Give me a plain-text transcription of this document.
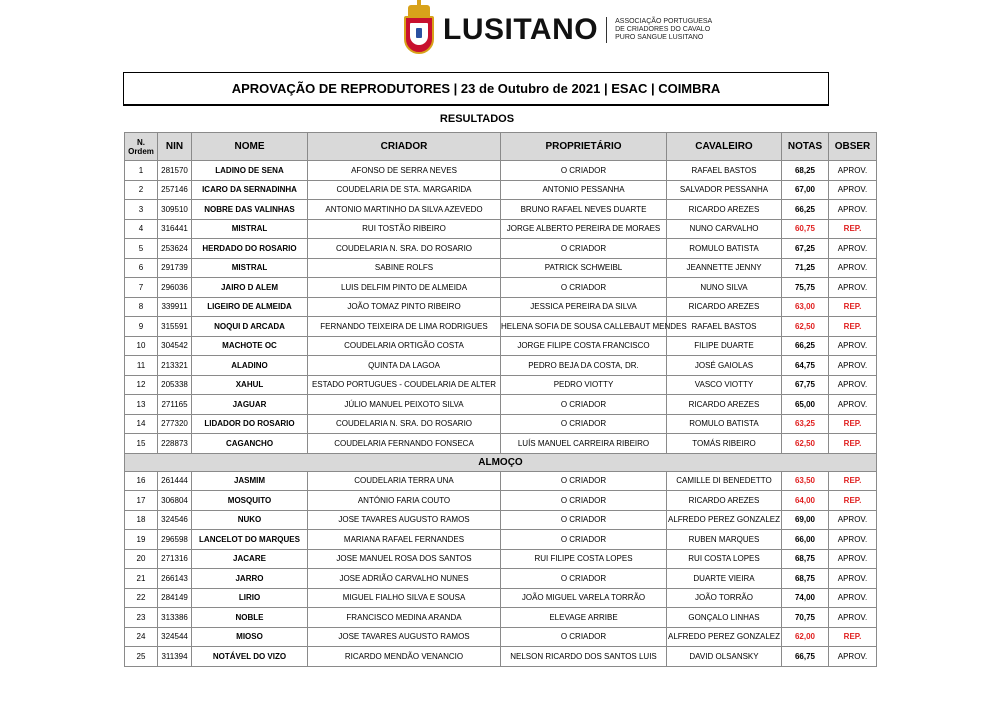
LUSITANO ASSOCIAÇÃO PORTUGUESA
DE CRIADORES DO CAVALO
PURO SANGUE LUSITANO
APROVAÇÃO DE REPRODUTORES | 23 de Outubro de 2021 | ESAC | COIMBRA
RESULTADOS
N.
Ordem	NIN	NOME	CRIADOR	PROPRIETÁRIO	CAVALEIRO	NOTAS	OBSER
1	281570	LADINO DE SENA	AFONSO DE SERRA NEVES	O CRIADOR	RAFAEL BASTOS	68,25	APROV.
2	257146	ICARO DA SERNADINHA	COUDELARIA DE STA. MARGARIDA	ANTONIO PESSANHA	SALVADOR PESSANHA	67,00	APROV.
3	309510	NOBRE DAS VALINHAS	ANTONIO MARTINHO DA SILVA AZEVEDO	BRUNO RAFAEL NEVES DUARTE	RICARDO AREZES	66,25	APROV.
4	316441	MISTRAL	RUI TOSTÃO RIBEIRO	JORGE ALBERTO PEREIRA DE MORAES	NUNO CARVALHO	60,75	REP.
5	253624	HERDADO DO ROSARIO	COUDELARIA N. SRA. DO ROSARIO	O CRIADOR	ROMULO BATISTA	67,25	APROV.
6	291739	MISTRAL	SABINE ROLFS	PATRICK SCHWEIBL	JEANNETTE JENNY	71,25	APROV.
7	296036	JAIRO D ALEM	LUIS DELFIM PINTO DE ALMEIDA	O CRIADOR	NUNO SILVA	75,75	APROV.
8	339911	LIGEIRO DE ALMEIDA	JOÃO TOMAZ PINTO RIBEIRO	JESSICA PEREIRA DA SILVA	RICARDO AREZES	63,00	REP.
9	315591	NOQUI D ARCADA	FERNANDO TEIXEIRA DE LIMA RODRIGUES	HELENA SOFIA DE SOUSA CALLEBAUT MENDES	RAFAEL BASTOS	62,50	REP.
10	304542	MACHOTE OC	COUDELARIA ORTIGÃO COSTA	JORGE FILIPE COSTA FRANCISCO	FILIPE DUARTE	66,25	APROV.
11	213321	ALADINO	QUINTA DA LAGOA	PEDRO BEJA DA COSTA, DR.	JOSÉ GAIOLAS	64,75	APROV.
12	205338	XAHUL	ESTADO PORTUGUES - COUDELARIA DE ALTER	PEDRO VIOTTY	VASCO VIOTTY	67,75	APROV.
13	271165	JAGUAR	JÚLIO MANUEL PEIXOTO SILVA	O CRIADOR	RICARDO AREZES	65,00	APROV.
14	277320	LIDADOR DO ROSARIO	COUDELARIA N. SRA. DO ROSARIO	O CRIADOR	ROMULO BATISTA	63,25	REP.
15	228873	CAGANCHO	COUDELARIA FERNANDO FONSECA	LUÍS MANUEL CARREIRA RIBEIRO	TOMÁS RIBEIRO	62,50	REP.
ALMOÇO							
16	261444	JASMIM	COUDELARIA TERRA UNA	O CRIADOR	CAMILLE DI BENEDETTO	63,50	REP.
17	306804	MOSQUITO	ANTÓNIO FARIA COUTO	O CRIADOR	RICARDO AREZES	64,00	REP.
18	324546	NUKO	JOSE TAVARES AUGUSTO RAMOS	O CRIADOR	ALFREDO PEREZ GONZALEZ	69,00	APROV.
19	296598	LANCELOT DO MARQUES	MARIANA RAFAEL FERNANDES	O CRIADOR	RUBEN MARQUES	66,00	APROV.
20	271316	JACARE	JOSE MANUEL ROSA DOS SANTOS	RUI FILIPE COSTA LOPES	RUI COSTA LOPES	68,75	APROV.
21	266143	JARRO	JOSE ADRIÃO CARVALHO NUNES	O CRIADOR	DUARTE VIEIRA	68,75	APROV.
22	284149	LIRIO	MIGUEL FIALHO SILVA E SOUSA	JOÃO MIGUEL VARELA TORRÃO	JOÃO TORRÃO	74,00	APROV.
23	313386	NOBLE	FRANCISCO MEDINA ARANDA	ELEVAGE ARRIBE	GONÇALO LINHAS	70,75	APROV.
24	324544	MIOSO	JOSE TAVARES AUGUSTO RAMOS	O CRIADOR	ALFREDO PEREZ GONZALEZ	62,00	REP.
25	311394	NOTÁVEL DO VIZO	RICARDO MENDÃO VENANCIO	NELSON RICARDO DOS SANTOS LUIS	DAVID OLSANSKY	66,75	APROV.
